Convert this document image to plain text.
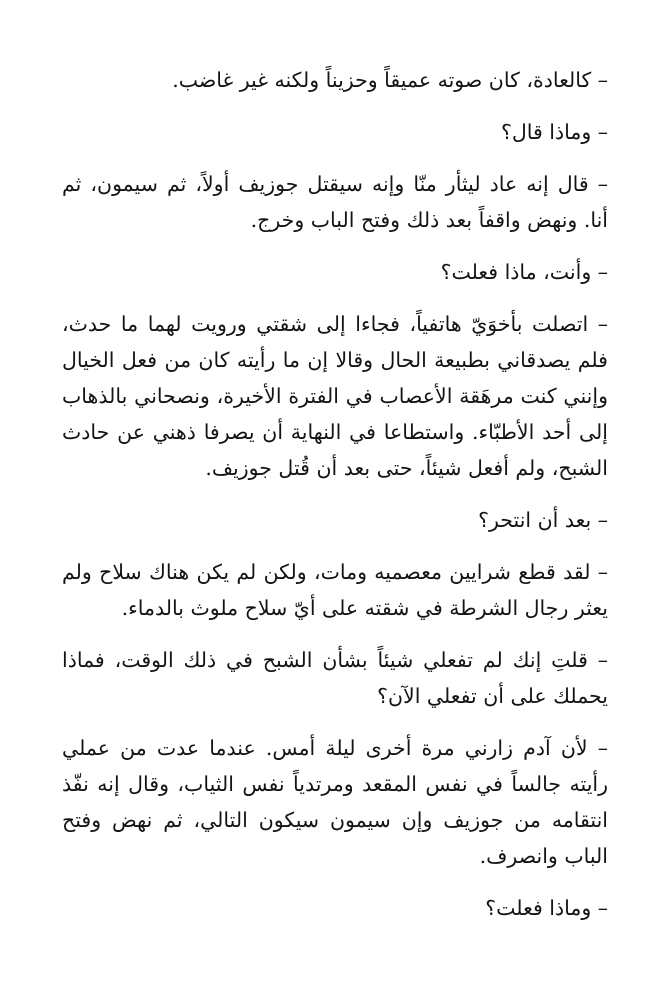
– كالعادة، كان صوته عميقاً وحزيناً ولكنه غير غاضب.

– وماذا قال؟

– قال إنه عاد ليثأر منّا وإنه سيقتل جوزيف أولاً، ثم سيمون، ثم أنا. ونهض واقفاً بعد ذلك وفتح الباب وخرج.

– وأنت، ماذا فعلت؟

– اتصلت بأخوَيّ هاتفياً، فجاءا إلى شقتي ورويت لهما ما حدث، فلم يصدقاني بطبيعة الحال وقالا إن ما رأيته كان من فعل الخيال وإنني كنت مرهَقة الأعصاب في الفترة الأخيرة، ونصحاني بالذهاب إلى أحد الأطبّاء. واستطاعا في النهاية أن يصرفا ذهني عن حادث الشبح، ولم أفعل شيئاً، حتى بعد أن قُتل جوزيف.

– بعد أن انتحر؟

– لقد قطع شرايين معصميه ومات، ولكن لم يكن هناك سلاح ولم يعثر رجال الشرطة في شقته على أيّ سلاح ملوث بالدماء.

– قلتِ إنك لم تفعلي شيئاً بشأن الشبح في ذلك الوقت، فماذا يحملك على أن تفعلي الآن؟

– لأن آدم زارني مرة أخرى ليلة أمس. عندما عدت من عملي رأيته جالساً في نفس المقعد ومرتدياً نفس الثياب، وقال إنه نفّذ انتقامه من جوزيف وإن سيمون سيكون التالي، ثم نهض وفتح الباب وانصرف.

– وماذا فعلت؟
